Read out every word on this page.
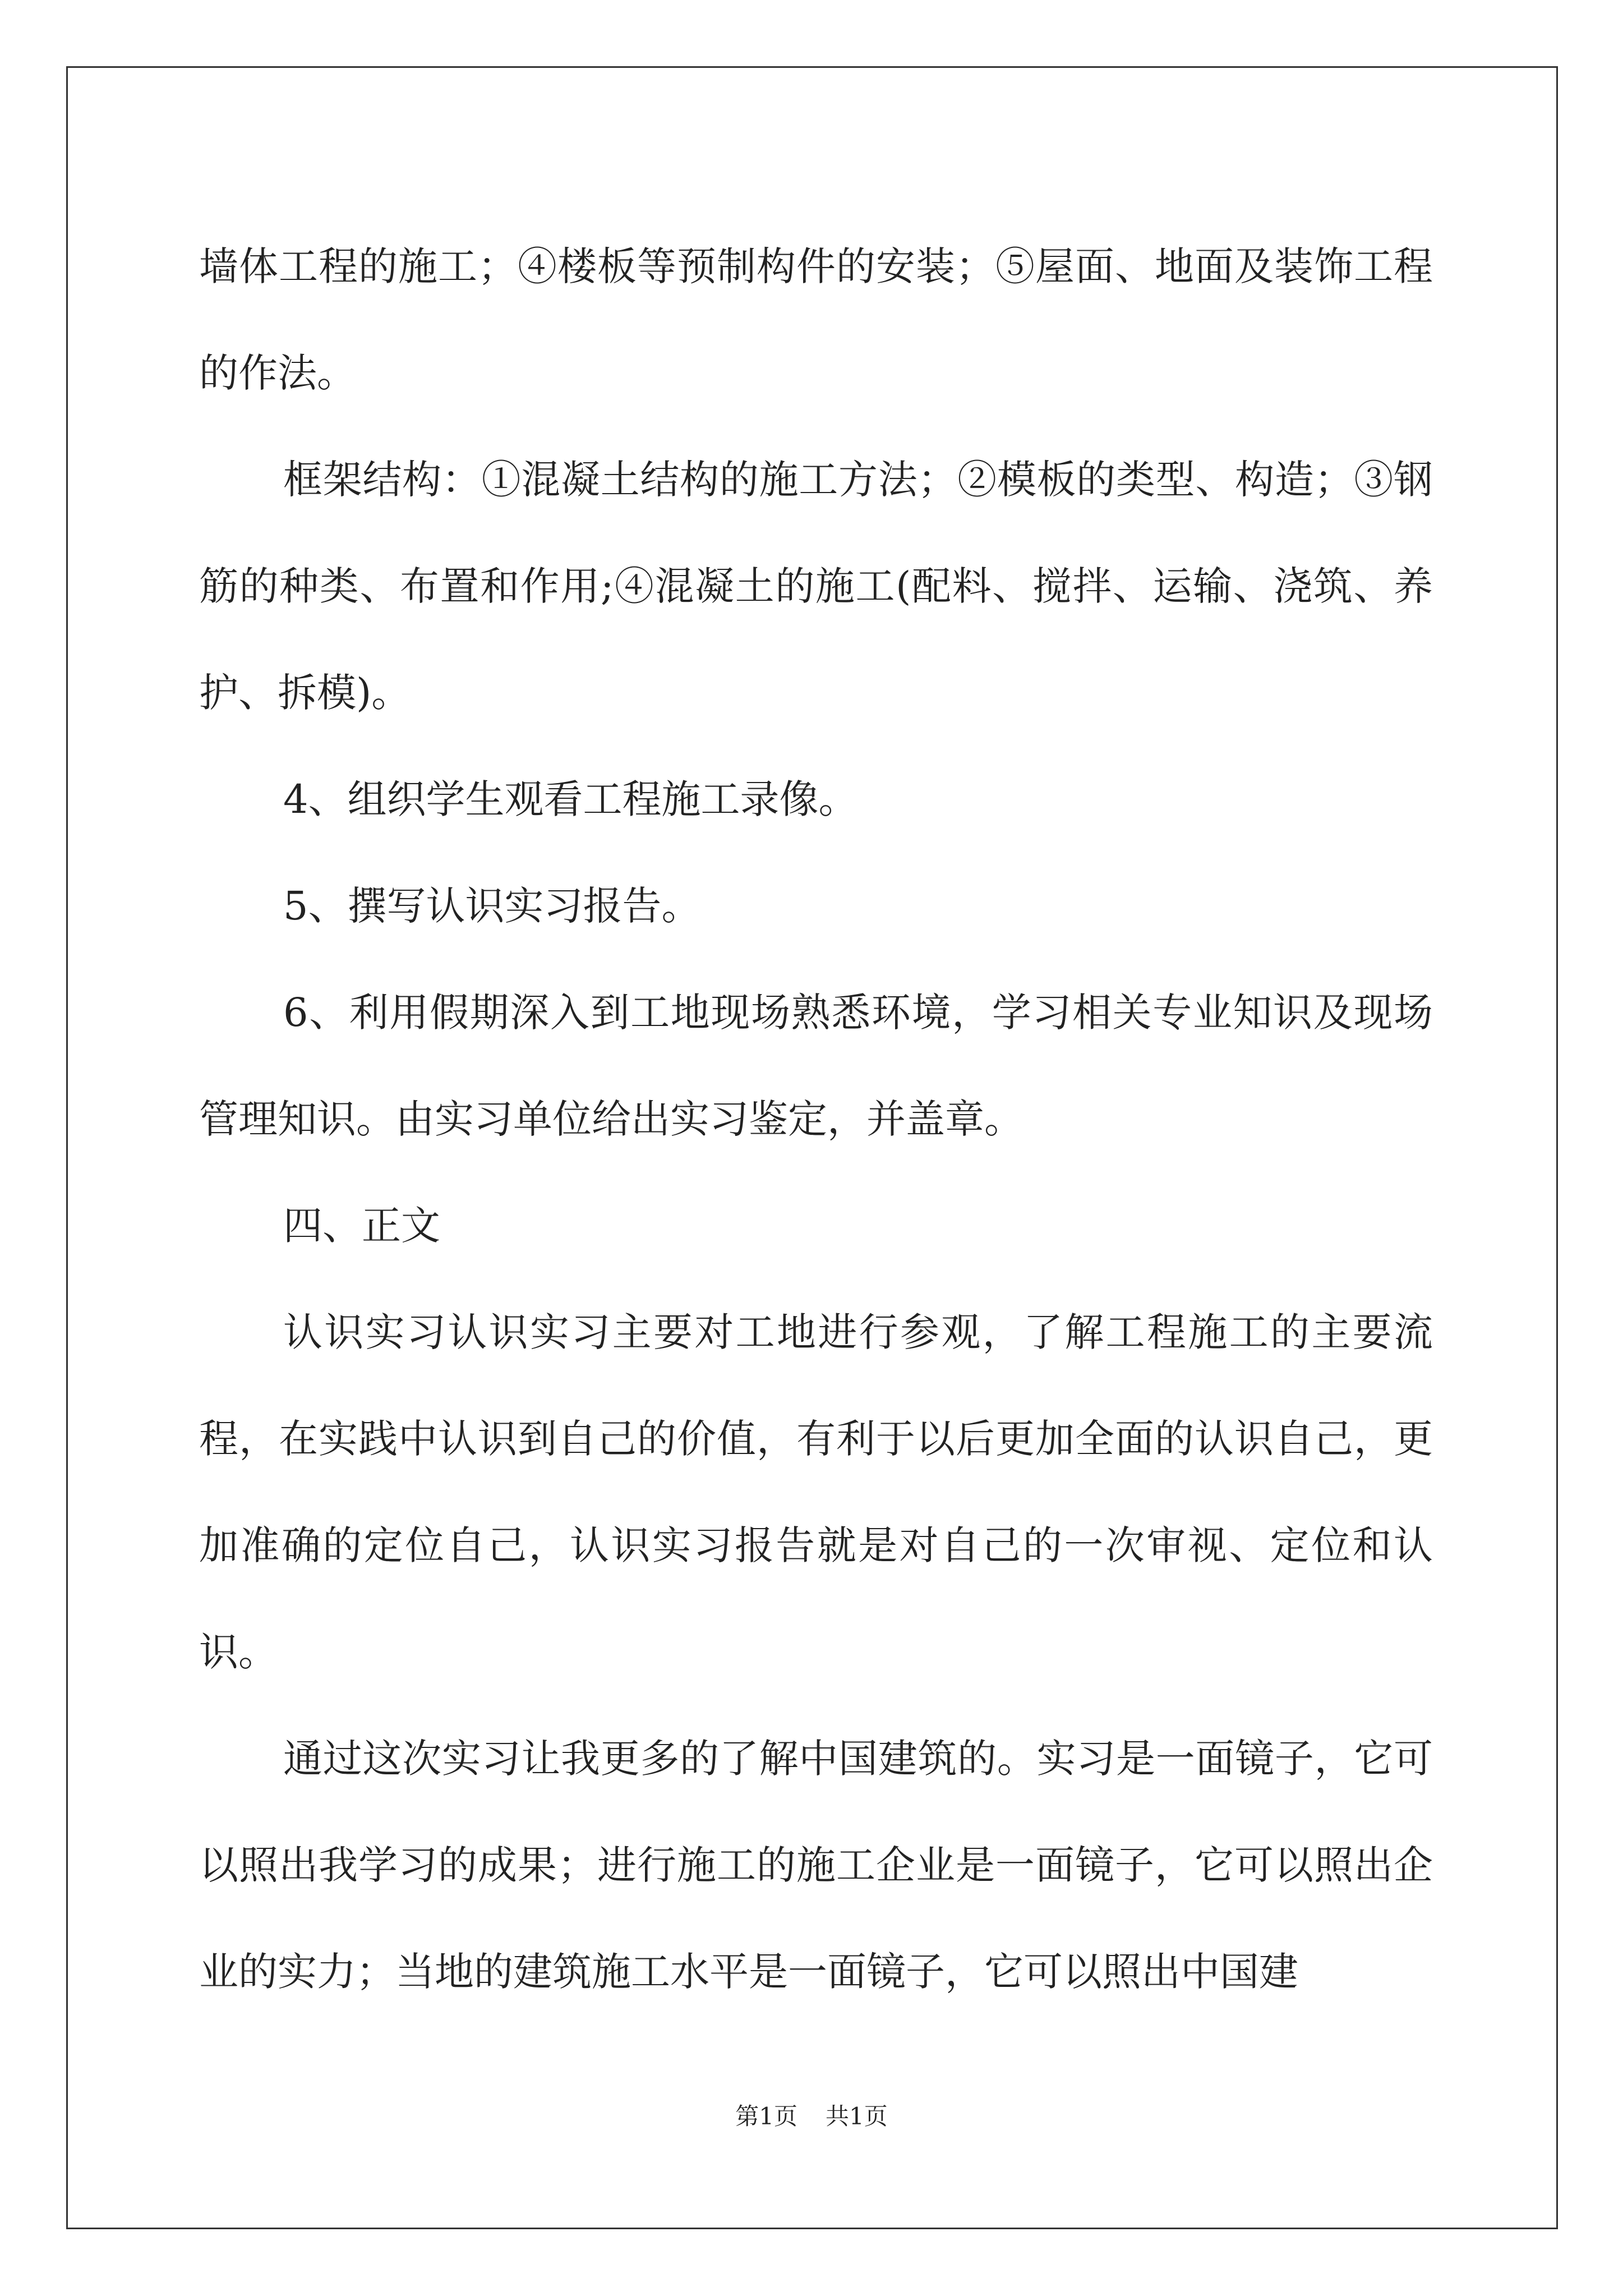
墙体工程的施工；④楼板等预制构件的安装；⑤屋面、地面及装饰工程的作法。

框架结构：①混凝土结构的施工方法；②模板的类型、构造；③钢筋的种类、布置和作用;④混凝土的施工(配料、搅拌、运输、浇筑、养护、拆模)。

4、组织学生观看工程施工录像。

5、撰写认识实习报告。

6、利用假期深入到工地现场熟悉环境，学习相关专业知识及现场管理知识。由实习单位给出实习鉴定，并盖章。

四、正文

认识实习认识实习主要对工地进行参观，了解工程施工的主要流程，在实践中认识到自己的价值，有利于以后更加全面的认识自己，更加准确的定位自己，认识实习报告就是对自己的一次审视、定位和认识。

通过这次实习让我更多的了解中国建筑的。实习是一面镜子，它可以照出我学习的成果；进行施工的施工企业是一面镜子，它可以照出企业的实力；当地的建筑施工水平是一面镜子，它可以照出中国建

第1页 共1页
